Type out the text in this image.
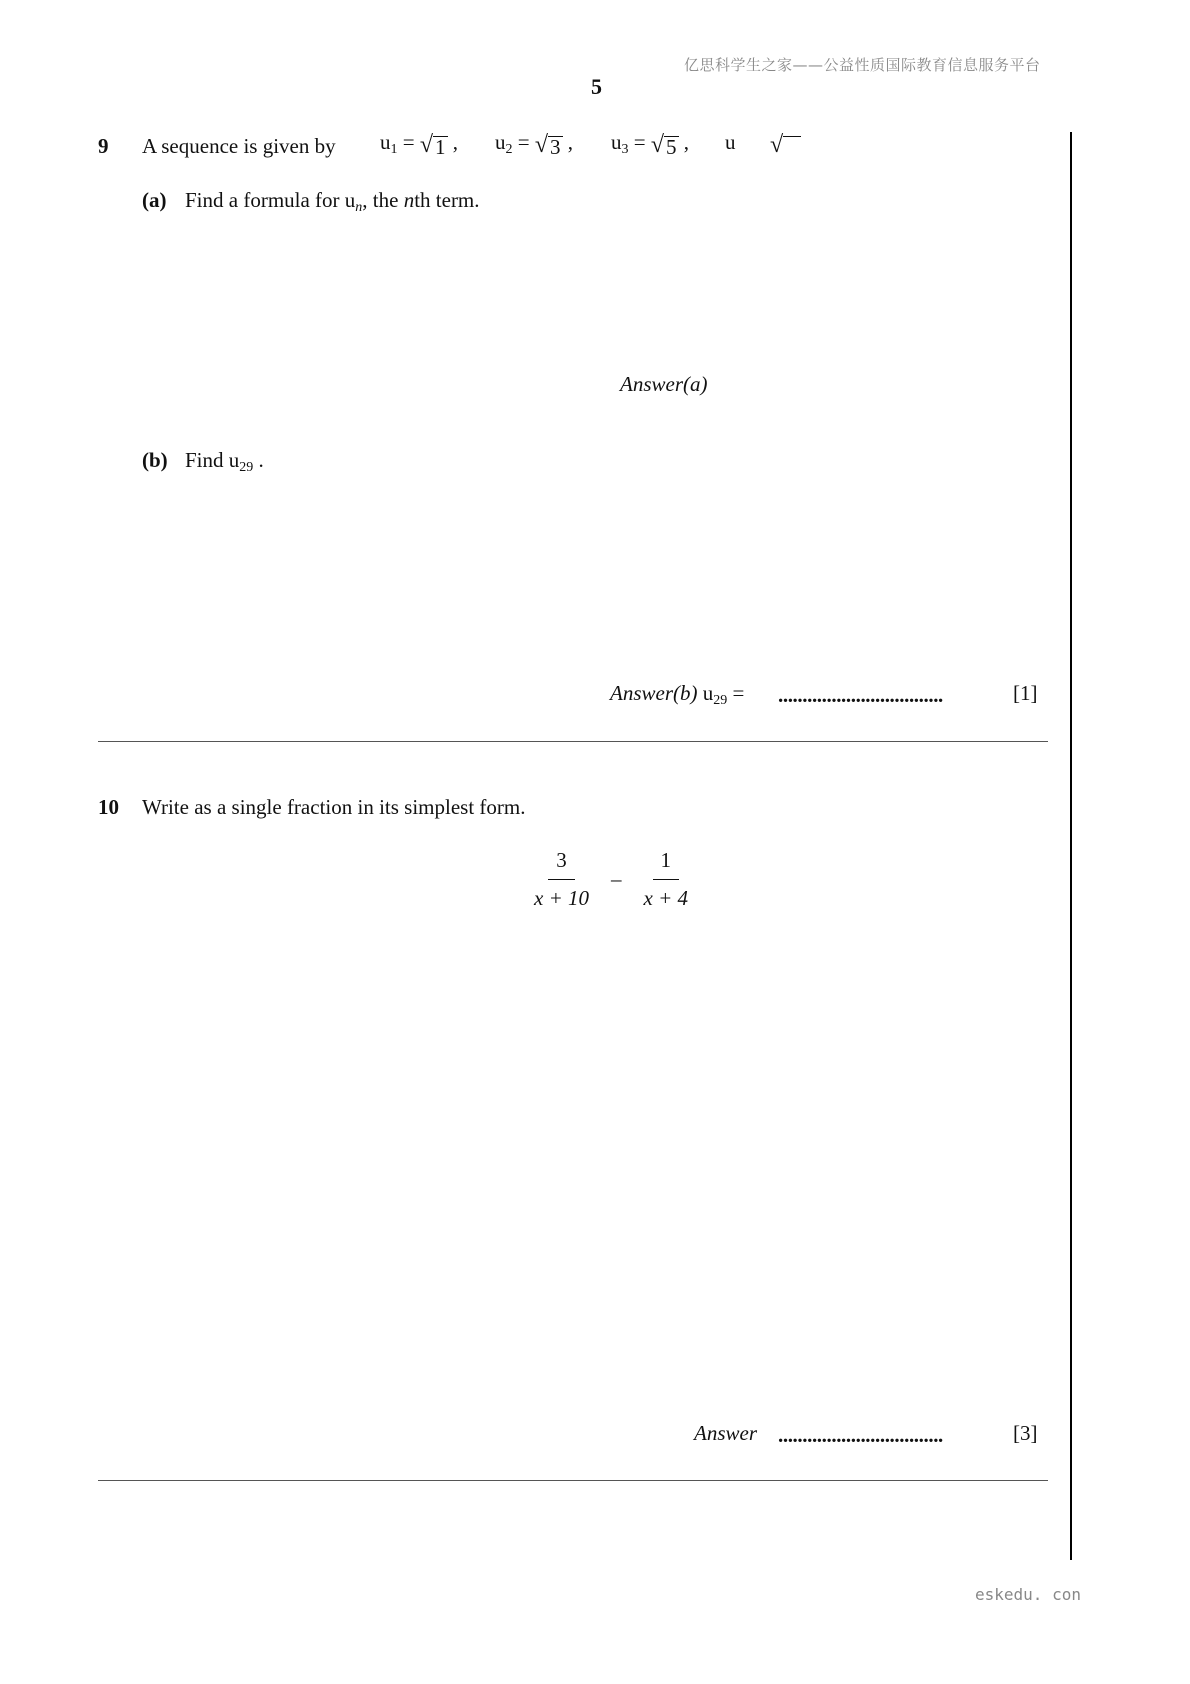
亿思科学生之家——公益性质国际教育信息服务平台
5
9 A sequence is given by $u_1$ = √ 1 , $u_2$ = √ 3 , $u_3$ = √ 5 , u √
(a) Find a formula for $u_n$, the nth term.
Answer(a)
(b) Find $u_{29}$ .
Answer(b) $u_{29}$ = ..................................	[1]
10 Write as a single fraction in its simplest form.
$\frac{3}{x + 10} - \frac{1}{x + 4}$
Answer ..................................	[3]
eskedu. con
